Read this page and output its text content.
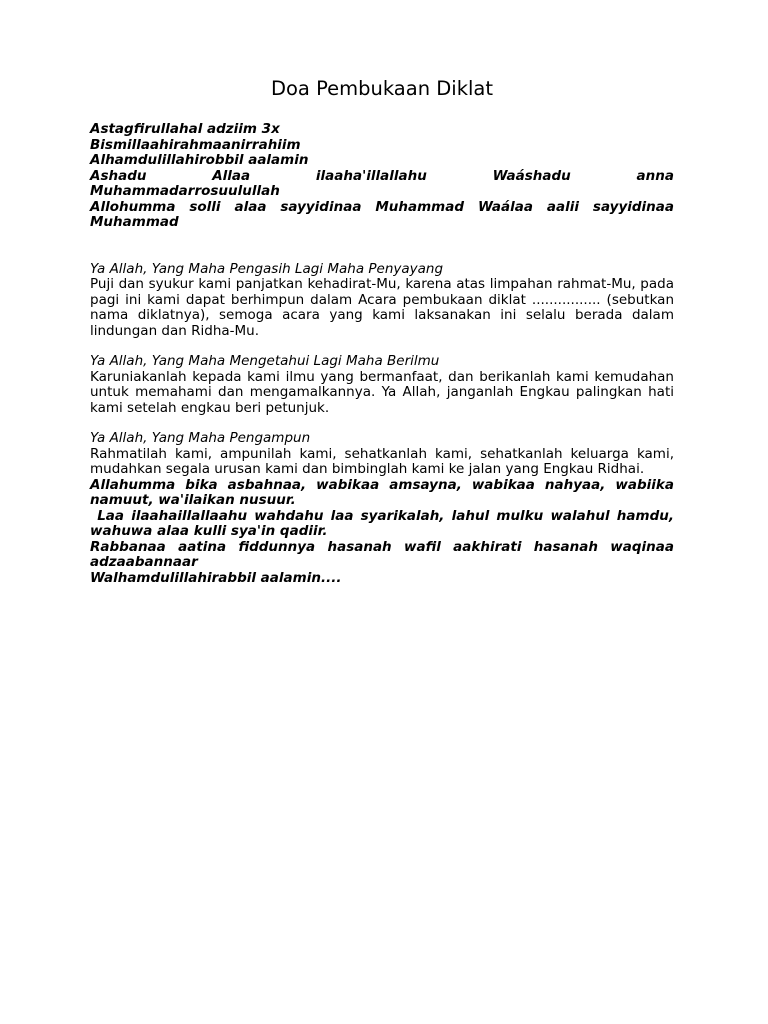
Doa Pembukaan Diklat

Astagfirullahal adziim 3x

Bismillaahirahmaanirrahiim

Alhamdulillahirobbil aalamin

Ashadu Allaa ilaaha'illallahu Waáshadu anna

Muhammadarrosuulullah

Allohumma solli alaa sayyidinaa Muhammad Waálaa aalii sayyidinaa Muhammad

Ya Allah, Yang Maha Pengasih Lagi Maha Penyayang

Puji dan syukur kami panjatkan kehadirat-Mu, karena atas limpahan rahmat-Mu, pada pagi ini kami dapat berhimpun dalam Acara pembukaan diklat ................ (sebutkan nama diklatnya), semoga acara yang kami laksanakan ini selalu berada dalam lindungan dan Ridha-Mu.

Ya Allah, Yang Maha Mengetahui Lagi Maha Berilmu

Karuniakanlah kepada kami ilmu yang bermanfaat, dan berikanlah kami kemudahan untuk memahami dan mengamalkannya. Ya Allah, janganlah Engkau palingkan hati kami setelah engkau beri petunjuk.

Ya Allah, Yang Maha Pengampun

Rahmatilah kami, ampunilah kami, sehatkanlah kami, sehatkanlah keluarga kami, mudahkan segala urusan kami dan bimbinglah kami ke jalan yang Engkau Ridhai.

Allahumma bika asbahnaa, wabikaa amsayna, wabikaa nahyaa, wabiika namuut, wa'ilaikan nusuur.

Laa ilaahaillallaahu wahdahu laa syarikalah, lahul mulku walahul hamdu, wahuwa alaa kulli sya'in qadiir.

Rabbanaa aatina fiddunnya hasanah wafil aakhirati hasanah waqinaa adzaabannaar

Walhamdulillahirabbil aalamin....
